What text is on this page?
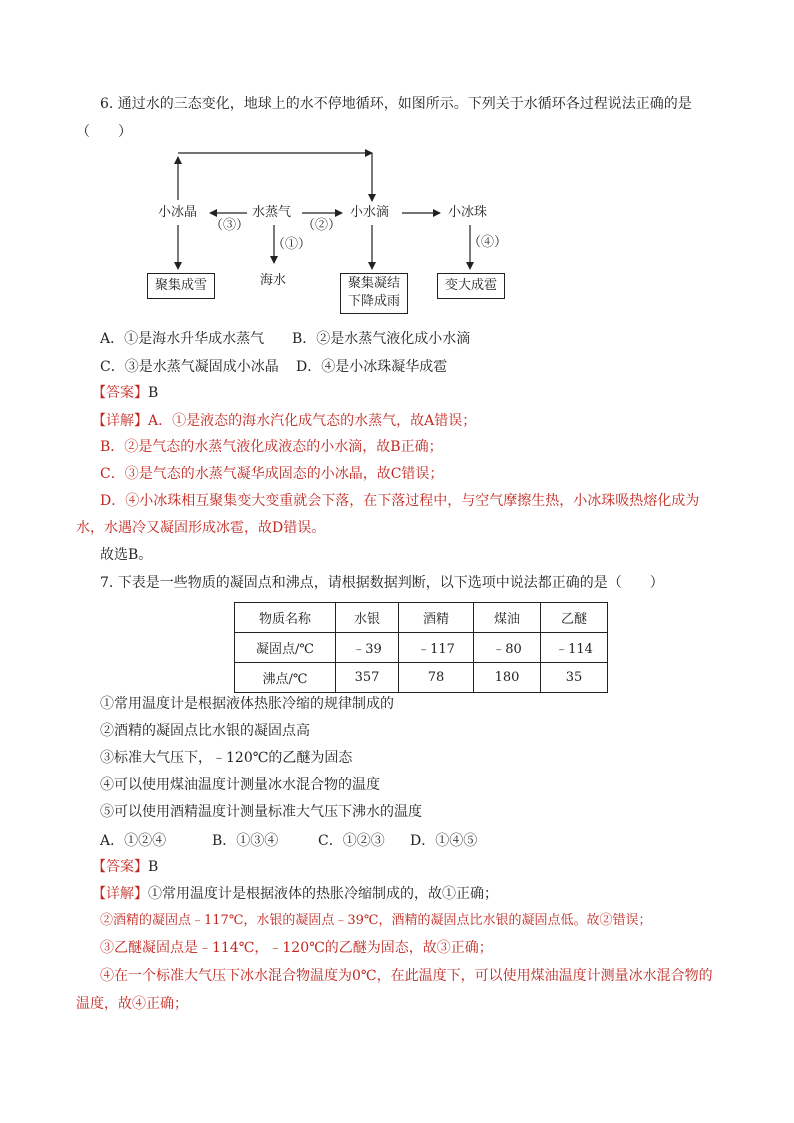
6. 通过水的三态变化，地球上的水不停地循环，如图所示。下列关于水循环各过程说法正确的是
（　　）
小冰晶	水蒸气	小水滴	小冰珠
海水
（③）	（②）
（①）	（④）
聚集成雪	聚集凝结
下降成雨
变大成雹
A．①是海水升华成水蒸气 B．②是水蒸气液化成小水滴
C．③是水蒸气凝固成小冰晶 D．④是小冰珠凝华成雹
【答案】B
【详解】A．①是液态的海水汽化成气态的水蒸气，故A错误；
B．②是气态的水蒸气液化成液态的小水滴，故B正确；
C．③是气态的水蒸气凝华成固态的小冰晶，故C错误；
D．④小冰珠相互聚集变大变重就会下落，在下落过程中，与空气摩擦生热，小冰珠吸热熔化成为
水，水遇冷又凝固形成冰雹，故D错误。
故选B。
7. 下表是一些物质的凝固点和沸点，请根据数据判断，以下选项中说法都正确的是（　　）
物质名称	水银	酒精	煤油	乙醚
凝固点/℃	﹣39	﹣117	﹣80	﹣114
沸点/℃	357	78	180	35
①常用温度计是根据液体热胀冷缩的规律制成的
②酒精的凝固点比水银的凝固点高
③标准大气压下，﹣120℃的乙醚为固态
④可以使用煤油温度计测量冰水混合物的温度
⑤可以使用酒精温度计测量标准大气压下沸水的温度
A．①②④	B．①③④	C．①②③ D．①④⑤
【答案】B
【详解】①常用温度计是根据液体的热胀冷缩制成的，故①正确；
②酒精的凝固点﹣117℃，水银的凝固点﹣39℃，酒精的凝固点比水银的凝固点低。故②错误；
③乙醚凝固点是﹣114℃，﹣120℃的乙醚为固态，故③正确；
④在一个标准大气压下冰水混合物温度为0℃，在此温度下，可以使用煤油温度计测量冰水混合物的
温度，故④正确；
